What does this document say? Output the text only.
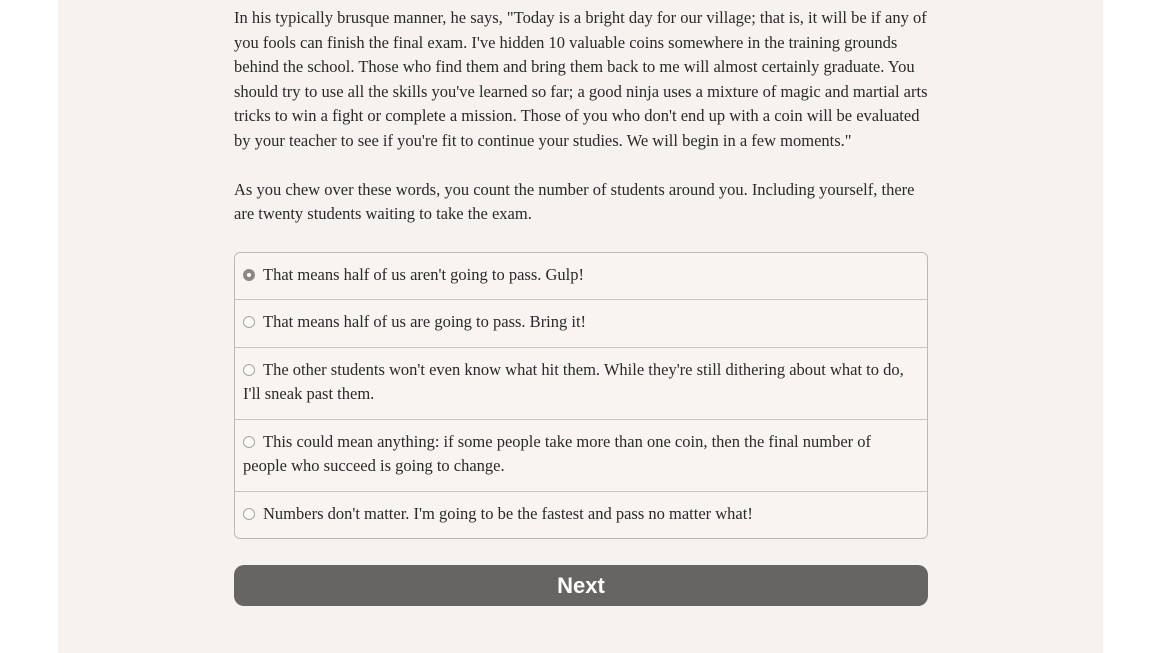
In his typically brusque manner, he says, "Today is a bright day for our village; that is, it will be if any of you fools can finish the final exam. I've hidden 10 valuable coins somewhere in the training grounds behind the school. Those who find them and bring them back to me will almost certainly graduate. You should try to use all the skills you've learned so far; a good ninja uses a mixture of magic and martial arts tricks to win a fight or complete a mission. Those of you who don't end up with a coin will be evaluated by your teacher to see if you're fit to continue your studies. We will begin in a few moments."

As you chew over these words, you count the number of students around you. Including yourself, there are twenty students waiting to take the exam.

That means half of us aren't going to pass. Gulp!
That means half of us are going to pass. Bring it!
The other students won't even know what hit them. While they're still dithering about what to do, I'll sneak past them.
This could mean anything: if some people take more than one coin, then the final number of people who succeed is going to change.
Numbers don't matter. I'm going to be the fastest and pass no matter what!
Next
